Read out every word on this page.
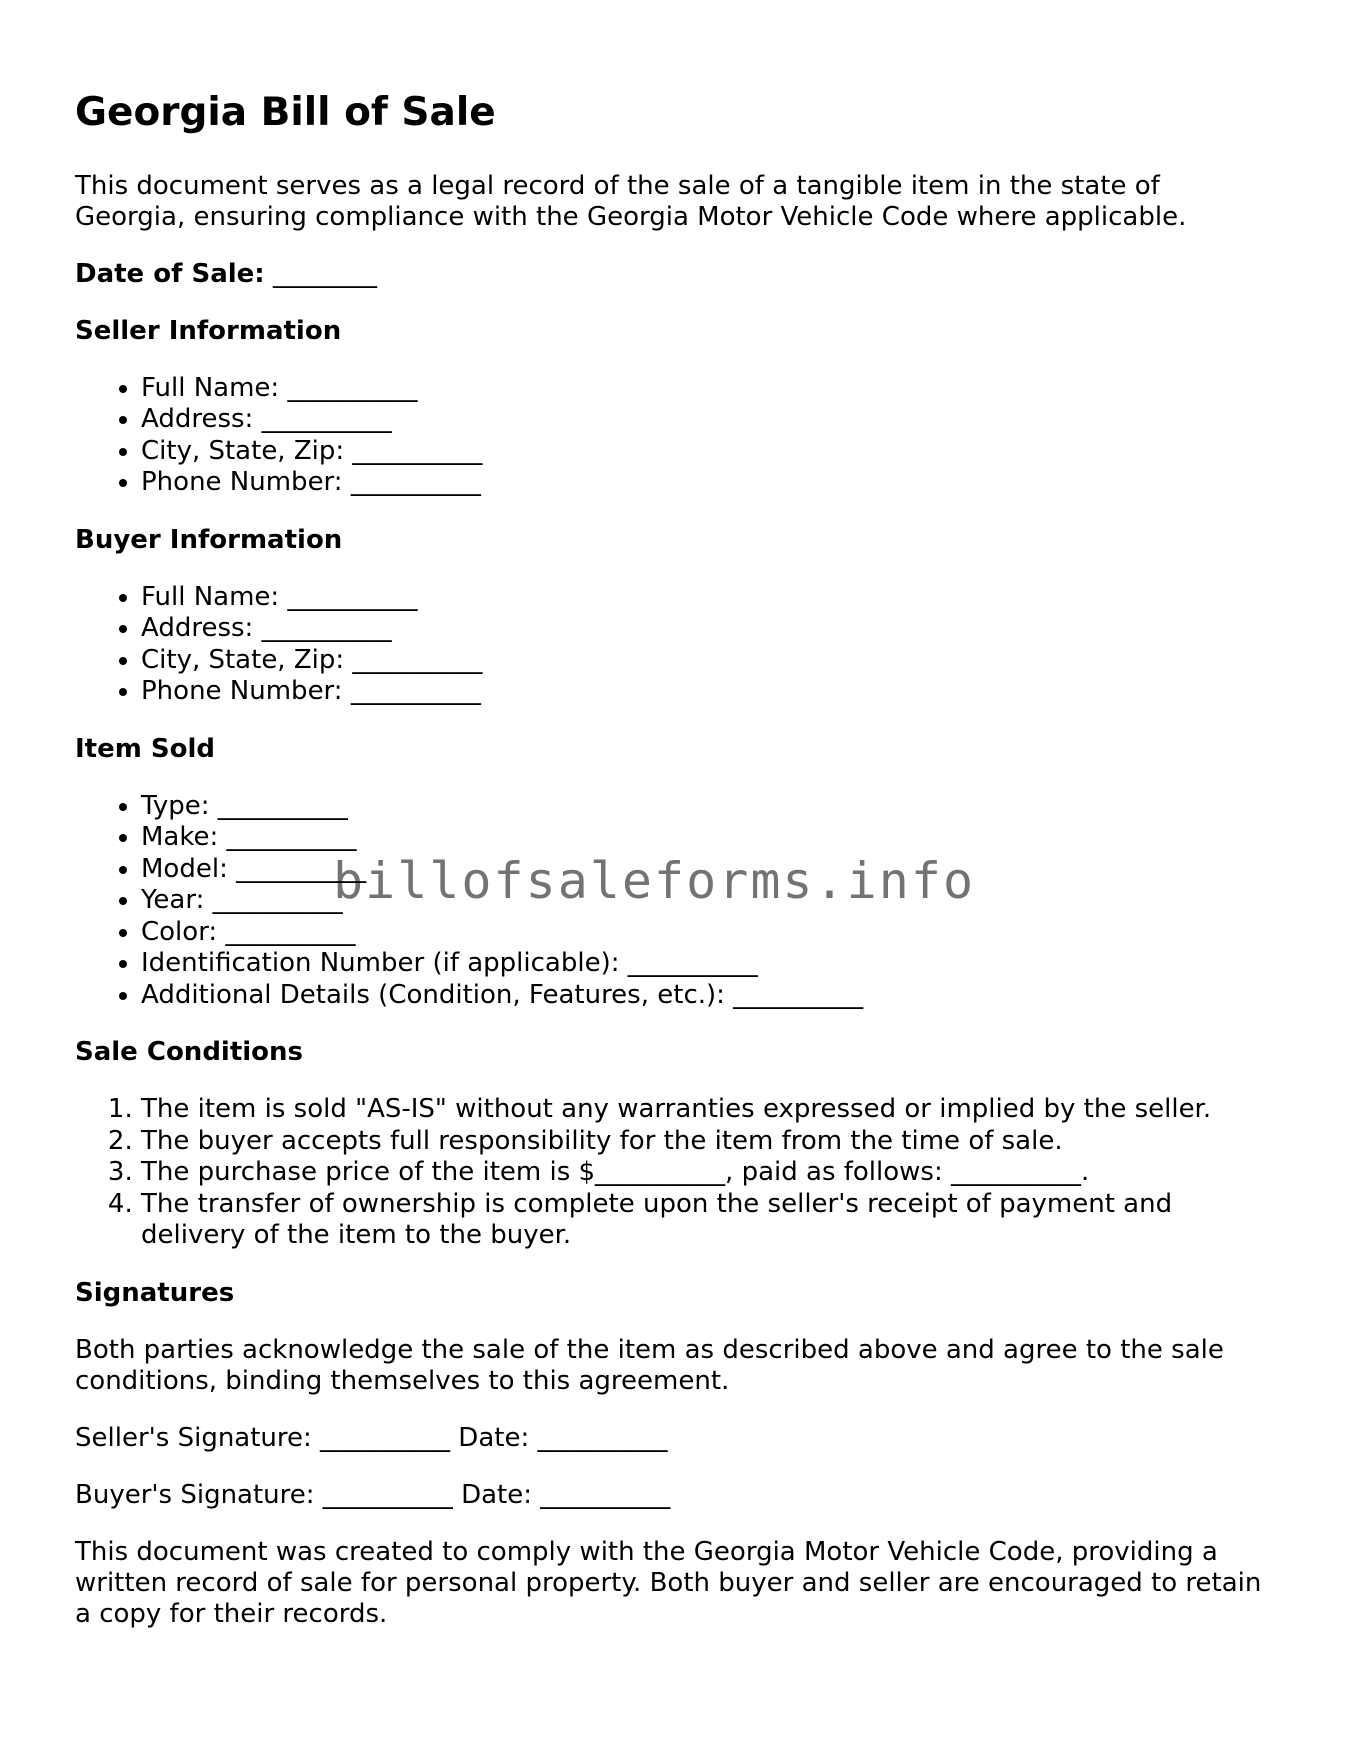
Georgia Bill of Sale

This document serves as a legal record of the sale of a tangible item in the state of Georgia, ensuring compliance with the Georgia Motor Vehicle Code where applicable.

Date of Sale: ________
Seller Information
• Full Name: __________
• Address: __________
• City, State, Zip: __________
• Phone Number: __________
Buyer Information
• Full Name: __________
• Address: __________
• City, State, Zip: __________
• Phone Number: __________
Item Sold
• Type: __________
• Make: __________
• Model: __________
• Year: __________
• Color: __________
• Identification Number (if applicable): __________
• Additional Details (Condition, Features, etc.): __________
Sale Conditions
1. The item is sold "AS-IS" without any warranties expressed or implied by the seller.
2. The buyer accepts full responsibility for the item from the time of sale.
3. The purchase price of the item is $__________, paid as follows: __________.
4. The transfer of ownership is complete upon the seller's receipt of payment and delivery of the item to the buyer.
Signatures

Both parties acknowledge the sale of the item as described above and agree to the sale conditions, binding themselves to this agreement.

Seller's Signature: __________ Date: __________

Buyer's Signature: __________ Date: __________

This document was created to comply with the Georgia Motor Vehicle Code, providing a written record of sale for personal property. Both buyer and seller are encouraged to retain a copy for their records.

billofsaleforms.info
